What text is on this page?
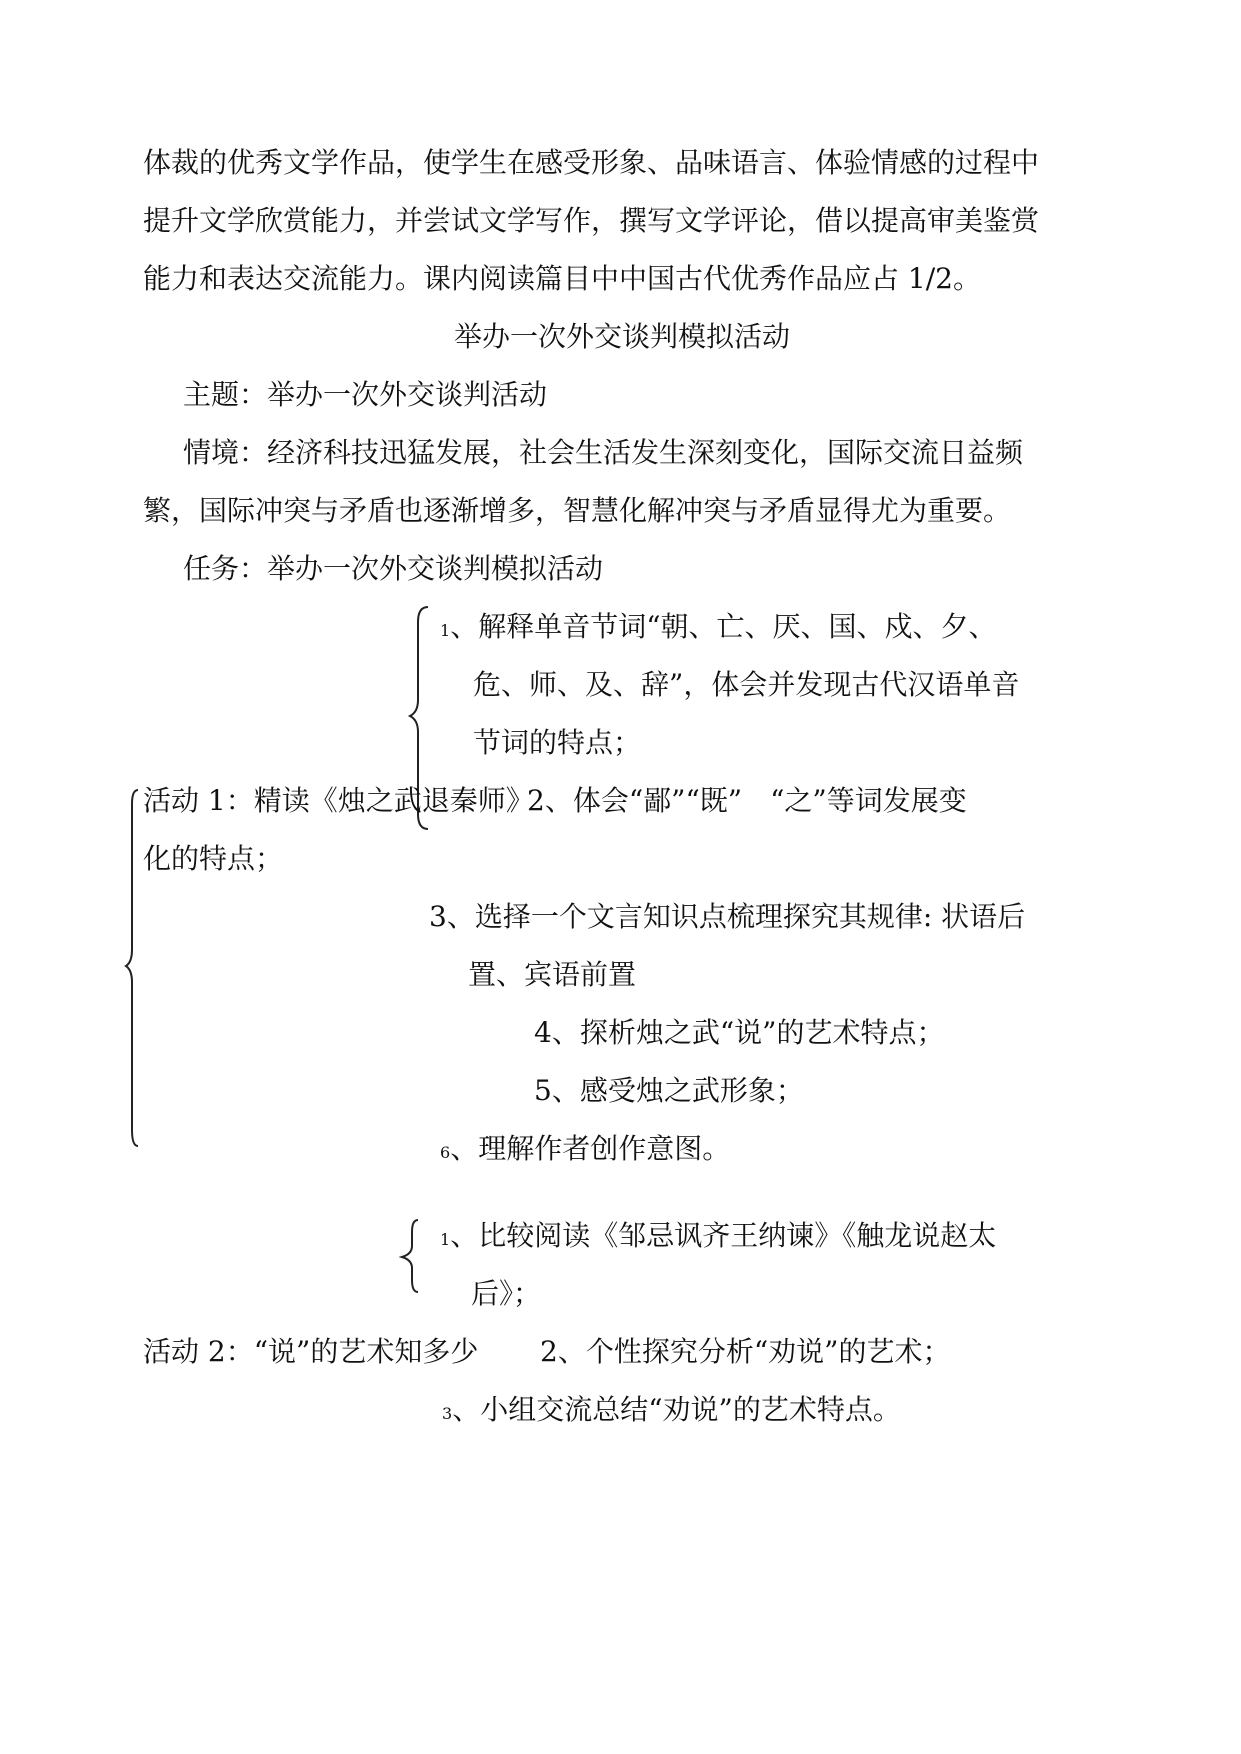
体裁的优秀文学作品，使学生在感受形象、品味语言、体验情感的过程中
提升文学欣赏能力，并尝试文学写作，撰写文学评论，借以提高审美鉴赏
能力和表达交流能力。课内阅读篇目中中国古代优秀作品应占 1/2。
举办一次外交谈判模拟活动
主题：举办一次外交谈判活动
情境：经济科技迅猛发展，社会生活发生深刻变化，国际交流日益频
繁，国际冲突与矛盾也逐渐增多，智慧化解冲突与矛盾显得尤为重要。
任务：举办一次外交谈判模拟活动
1、解释单音节词“朝、亡、厌、国、戍、夕、
危、师、及、辞”，体会并发现古代汉语单音
节词的特点；
活动 1：精读《烛之武退秦师》
2、体会“鄙”“既”　“之”等词发展变
化的特点；
3、选择一个文言知识点梳理探究其规律: 状语后
置、宾语前置
4、探析烛之武“说”的艺术特点；
5、感受烛之武形象；
6、理解作者创作意图。
1、比较阅读《邹忌讽齐王纳谏》《触龙说赵太
后》；
活动 2：“说”的艺术知多少 2、个性探究分析“劝说”的艺术；
3、小组交流总结“劝说”的艺术特点。
